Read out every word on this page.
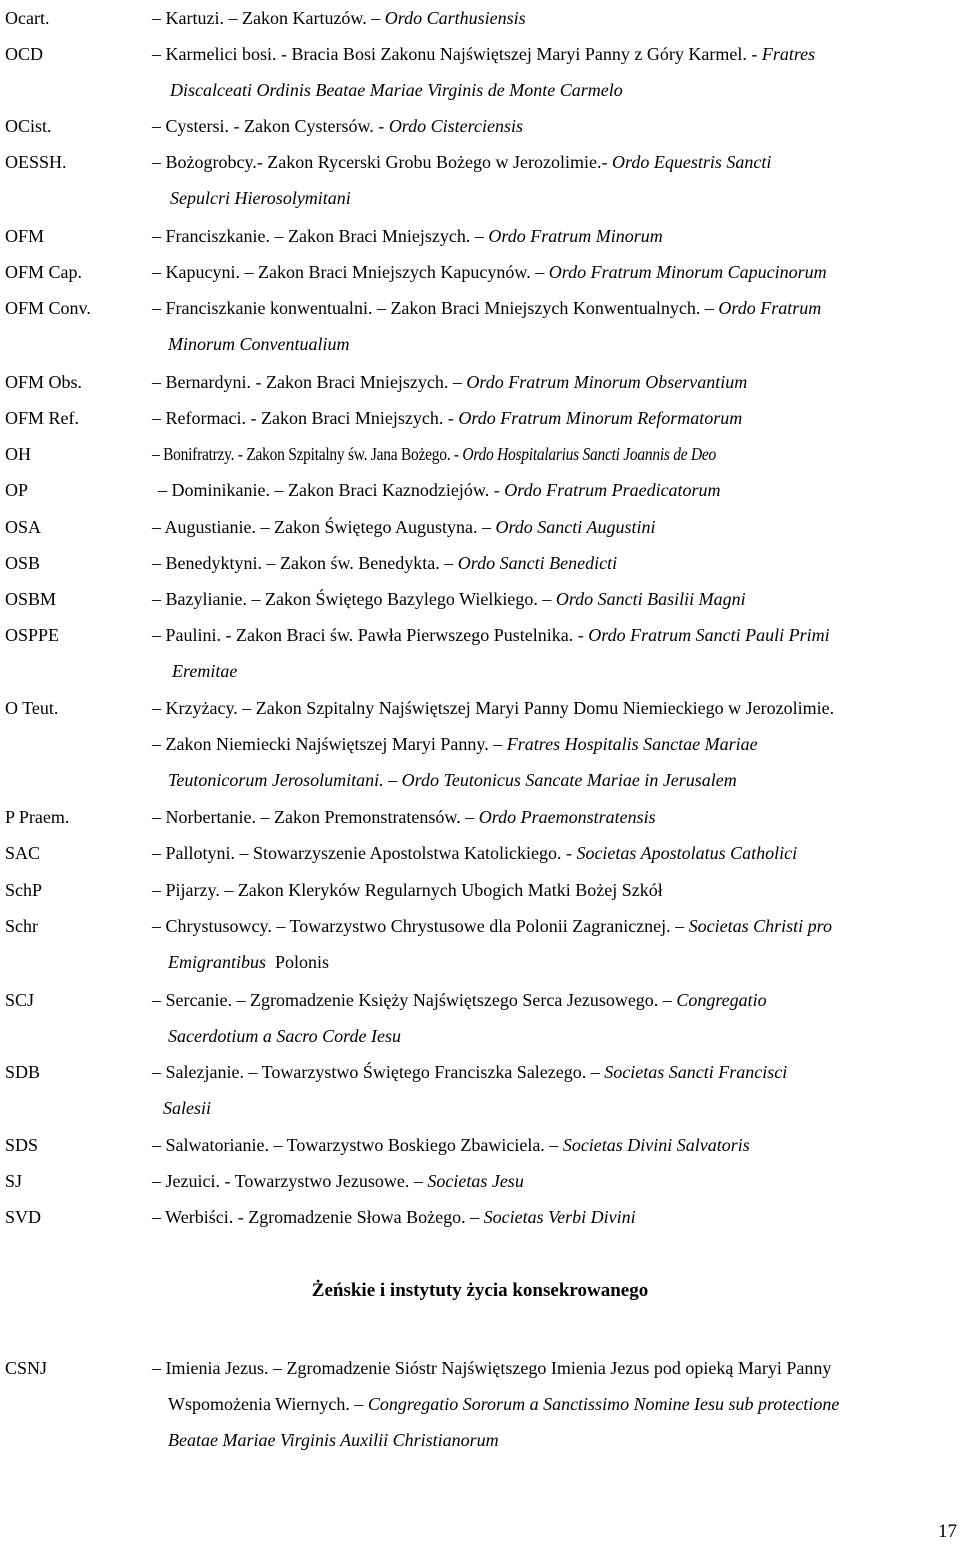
Ocart.	– Kartuzi. – Zakon Kartuzów. – Ordo Carthusiensis
OCD	– Karmelici bosi. - Bracia Bosi Zakonu Najświętszej Maryi Panny z Góry Karmel. - Fratres
Discalceati Ordinis Beatae Mariae Virginis de Monte Carmelo
OCist.	– Cystersi. - Zakon Cystersów. - Ordo Cisterciensis
OESSH.	– Bożogrobcy.- Zakon Rycerski Grobu Bożego w Jerozolimie.- Ordo Equestris Sancti
Sepulcri Hierosolymitani
OFM	– Franciszkanie. – Zakon Braci Mniejszych. – Ordo Fratrum Minorum
OFM Cap.	– Kapucyni. – Zakon Braci Mniejszych Kapucynów. – Ordo Fratrum Minorum Capucinorum
OFM Conv.	– Franciszkanie konwentualni. – Zakon Braci Mniejszych Konwentualnych. – Ordo Fratrum
Minorum Conventualium
OFM Obs.	– Bernardyni. - Zakon Braci Mniejszych. – Ordo Fratrum Minorum Observantium
OFM Ref.	– Reformaci. - Zakon Braci Mniejszych. - Ordo Fratrum Minorum Reformatorum
OH	– Bonifratrzy. - Zakon Szpitalny św. Jana Bożego. - Ordo Hospitalarius Sancti Joannis de Deo
OP	– Dominikanie. – Zakon Braci Kaznodziejów. - Ordo Fratrum Praedicatorum
OSA	– Augustianie. – Zakon Świętego Augustyna. – Ordo Sancti Augustini
OSB	– Benedyktyni. – Zakon św. Benedykta. – Ordo Sancti Benedicti
OSBM	– Bazylianie. – Zakon Świętego Bazylego Wielkiego. – Ordo Sancti Basilii Magni
OSPPE	– Paulini. - Zakon Braci św. Pawła Pierwszego Pustelnika. - Ordo Fratrum Sancti Pauli Primi
Eremitae
O Teut.	– Krzyżacy. – Zakon Szpitalny Najświętszej Maryi Panny Domu Niemieckiego w Jerozolimie.
– Zakon Niemiecki Najświętszej Maryi Panny. – Fratres Hospitalis Sanctae Mariae
Teutonicorum Jerosolumitani. – Ordo Teutonicus Sancate Mariae in Jerusalem
P Praem.	– Norbertanie. – Zakon Premonstratensów. – Ordo Praemonstratensis
SAC	– Pallotyni. – Stowarzyszenie Apostolstwa Katolickiego. - Societas Apostolatus Catholici
SchP	– Pijarzy. – Zakon Kleryków Regularnych Ubogich Matki Bożej Szkół
Schr	– Chrystusowcy. – Towarzystwo Chrystusowe dla Polonii Zagranicznej. – Societas Christi pro
Emigrantibus  Polonis
SCJ	– Sercanie. – Zgromadzenie Księży Najświętszego Serca Jezusowego. – Congregatio
Sacerdotium a Sacro Corde Iesu
SDB	– Salezjanie. – Towarzystwo Świętego Franciszka Salezego. – Societas Sancti Francisci
Salesii
SDS	– Salwatorianie. – Towarzystwo Boskiego Zbawiciela. – Societas Divini Salvatoris
SJ	– Jezuici. - Towarzystwo Jezusowe. – Societas Jesu
SVD	– Werbiści. - Zgromadzenie Słowa Bożego. – Societas Verbi Divini
CSNJ	– Imienia Jezus. – Zgromadzenie Sióstr Najświętszego Imienia Jezus pod opieką Maryi Panny
Wspomożenia Wiernych. – Congregatio Sororum a Sanctissimo Nomine Iesu sub protectione
Beatae Mariae Virginis Auxilii Christianorum
Żeńskie i instytuty życia konsekrowanego
17
